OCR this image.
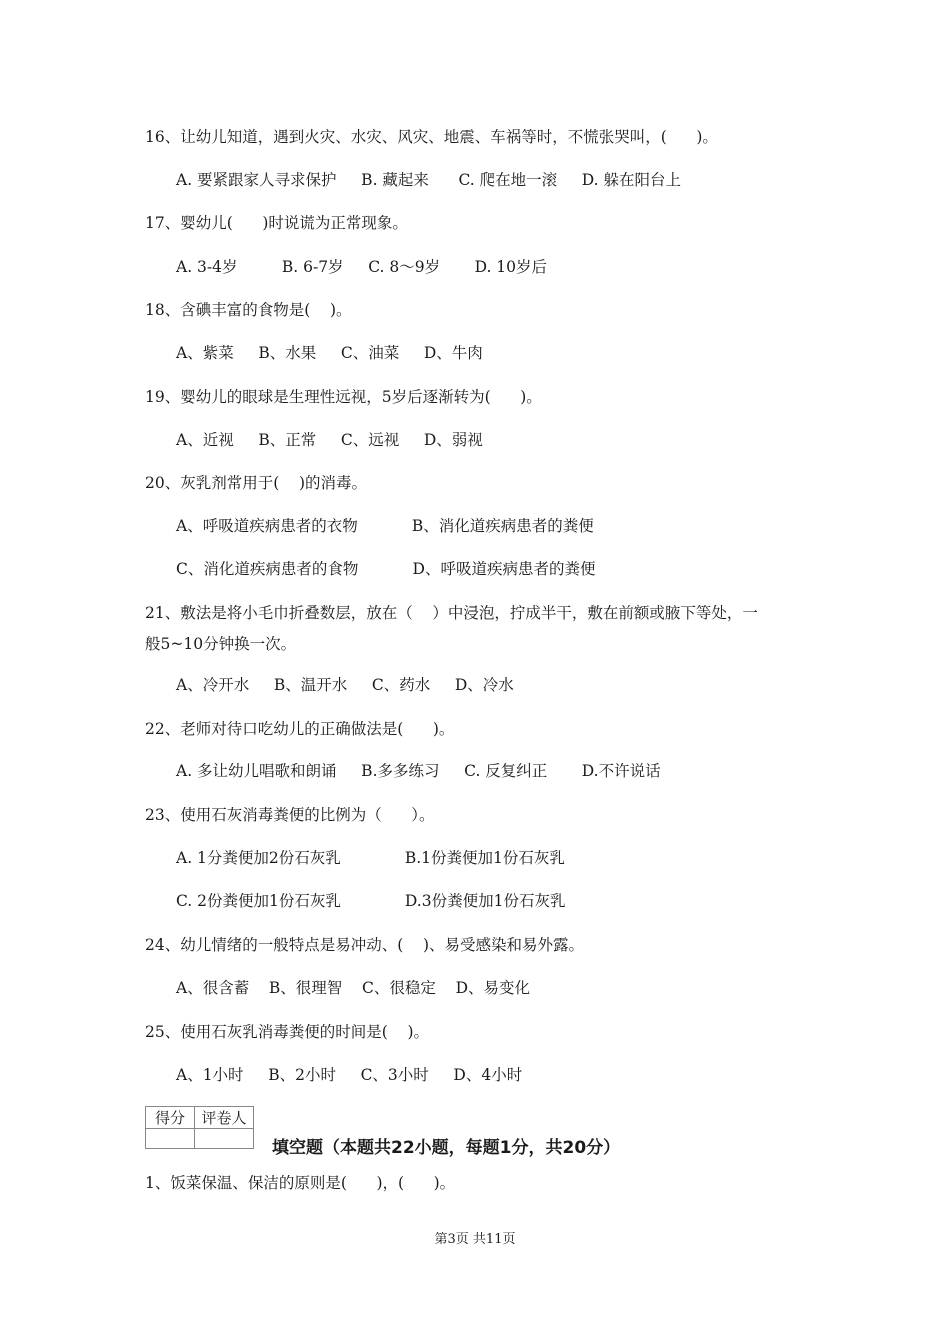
16、让幼儿知道，遇到火灾、水灾、风灾、地震、车祸等时，不慌张哭叫，(      )。
A. 要紧跟家人寻求保护     B. 藏起来      C. 爬在地一滚     D. 躲在阳台上
17、婴幼儿(      )时说谎为正常现象。
A. 3-4岁         B. 6-7岁     C. 8～9岁       D. 10岁后
18、含碘丰富的食物是(    )。
A、紫菜     B、水果     C、油菜     D、牛肉
19、婴幼儿的眼球是生理性远视，5岁后逐渐转为(      )。
A、近视     B、正常     C、远视     D、弱视
20、灰乳剂常用于(    )的消毒。
A、呼吸道疾病患者的衣物           B、消化道疾病患者的粪便
C、消化道疾病患者的食物           D、呼吸道疾病患者的粪便
21、敷法是将小毛巾折叠数层，放在（    ）中浸泡，拧成半干，敷在前额或腋下等处，一
般5~10分钟换一次。
A、冷开水     B、温开水     C、药水     D、冷水
22、老师对待口吃幼儿的正确做法是(      )。
A. 多让幼儿唱歌和朗诵     B.多多练习     C. 反复纠正       D.不许说话
23、使用石灰消毒粪便的比例为（      ）。
A. 1分粪便加2份石灰乳             B.1份粪便加1份石灰乳
C. 2份粪便加1份石灰乳             D.3份粪便加1份石灰乳
24、幼儿情绪的一般特点是易冲动、(    )、易受感染和易外露。
A、很含蓄    B、很理智    C、很稳定    D、易变化
25、使用石灰乳消毒粪便的时间是(    )。
A、1小时     B、2小时     C、3小时     D、4小时
得分	评卷人

填空题（本题共22小题，每题1分，共20分）
1、饭菜保温、保洁的原则是(      )，(      )。
第3页 共11页
